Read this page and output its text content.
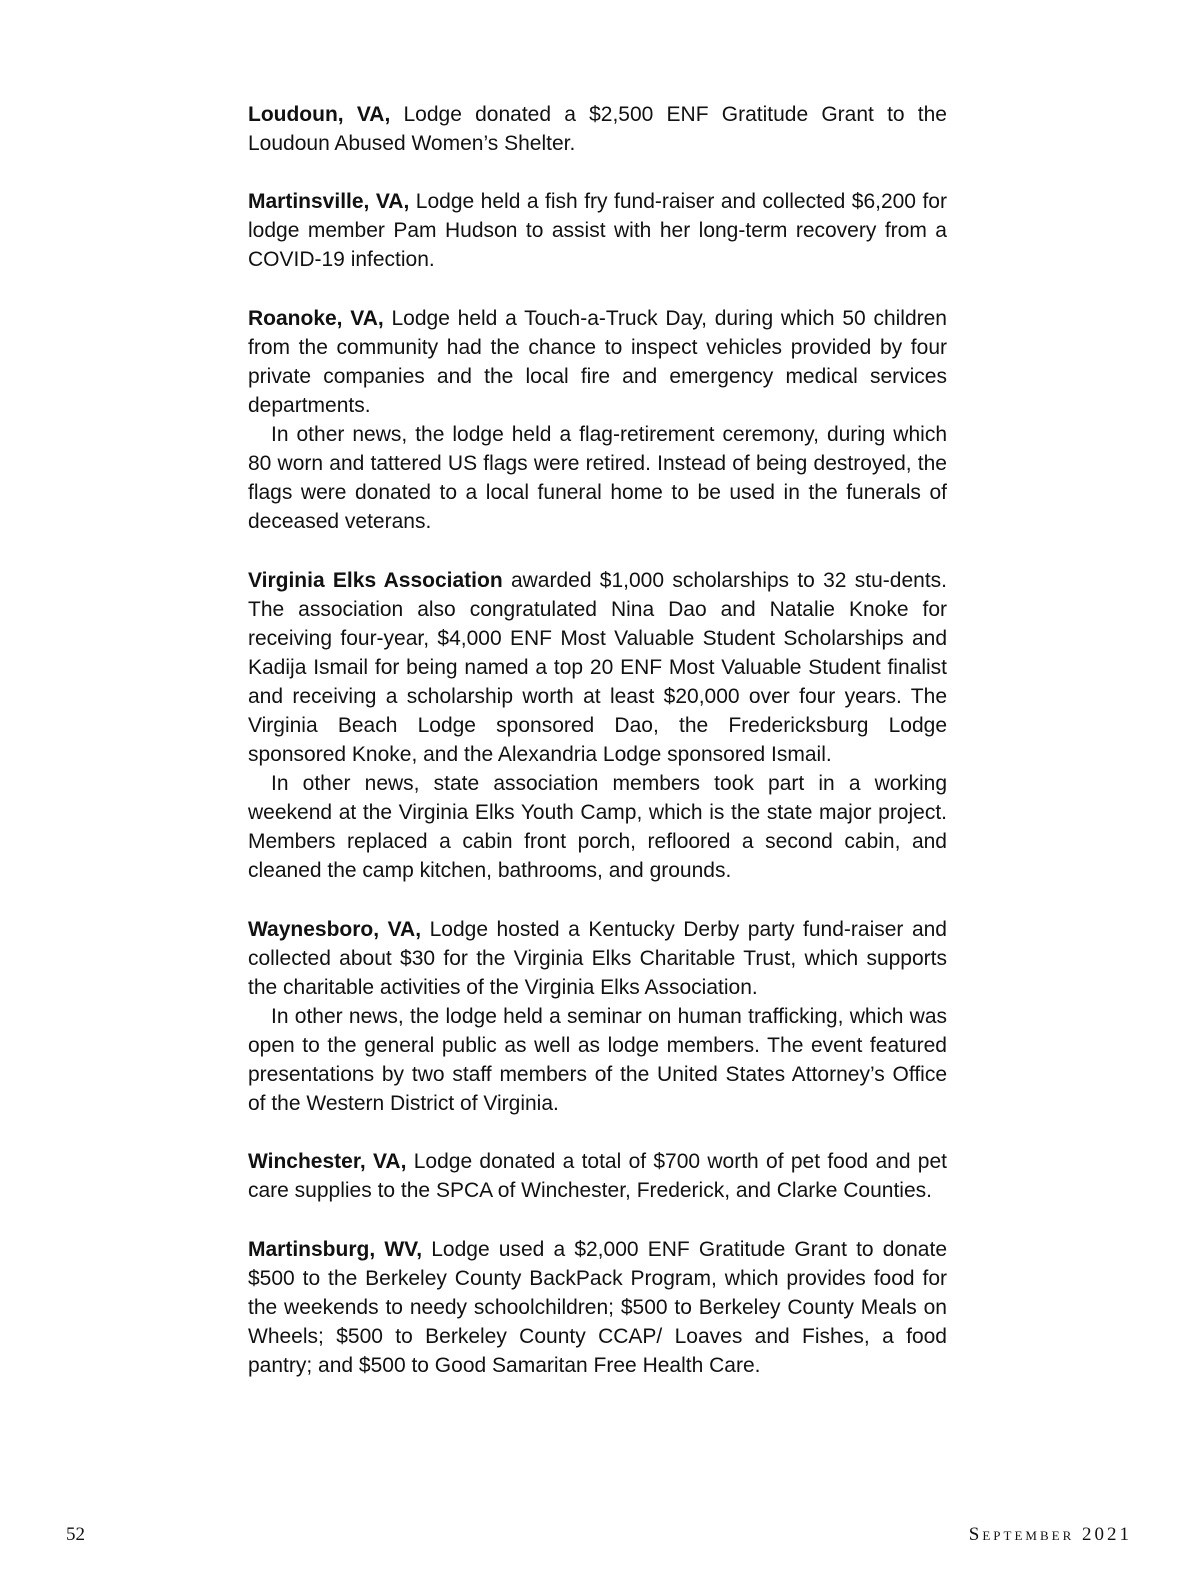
Loudoun, VA, Lodge donated a $2,500 ENF Gratitude Grant to the Loudoun Abused Women’s Shelter.

Martinsville, VA, Lodge held a fish fry fund-raiser and collected $6,200 for lodge member Pam Hudson to assist with her long-term recovery from a COVID-19 infection.

Roanoke, VA, Lodge held a Touch-a-Truck Day, during which 50 children from the community had the chance to inspect vehicles provided by four private companies and the local fire and emergency medical services departments.

In other news, the lodge held a flag-retirement ceremony, during which 80 worn and tattered US flags were retired. Instead of being destroyed, the flags were donated to a local funeral home to be used in the funerals of deceased veterans.

Virginia Elks Association awarded $1,000 scholarships to 32 stu-dents. The association also congratulated Nina Dao and Natalie Knoke for receiving four-year, $4,000 ENF Most Valuable Student Scholarships and Kadija Ismail for being named a top 20 ENF Most Valuable Student finalist and receiving a scholarship worth at least $20,000 over four years. The Virginia Beach Lodge sponsored Dao, the Fredericksburg Lodge sponsored Knoke, and the Alexandria Lodge sponsored Ismail.

In other news, state association members took part in a working weekend at the Virginia Elks Youth Camp, which is the state major project. Members replaced a cabin front porch, refloored a second cabin, and cleaned the camp kitchen, bathrooms, and grounds.

Waynesboro, VA, Lodge hosted a Kentucky Derby party fund-raiser and collected about $30 for the Virginia Elks Charitable Trust, which supports the charitable activities of the Virginia Elks Association.

In other news, the lodge held a seminar on human trafficking, which was open to the general public as well as lodge members. The event featured presentations by two staff members of the United States Attorney’s Office of the Western District of Virginia.

Winchester, VA, Lodge donated a total of $700 worth of pet food and pet care supplies to the SPCA of Winchester, Frederick, and Clarke Counties.

Martinsburg, WV, Lodge used a $2,000 ENF Gratitude Grant to donate $500 to the Berkeley County BackPack Program, which provides food for the weekends to needy schoolchildren; $500 to Berkeley County Meals on Wheels; $500 to Berkeley County CCAP/ Loaves and Fishes, a food pantry; and $500 to Good Samaritan Free Health Care.

52	September 2021
